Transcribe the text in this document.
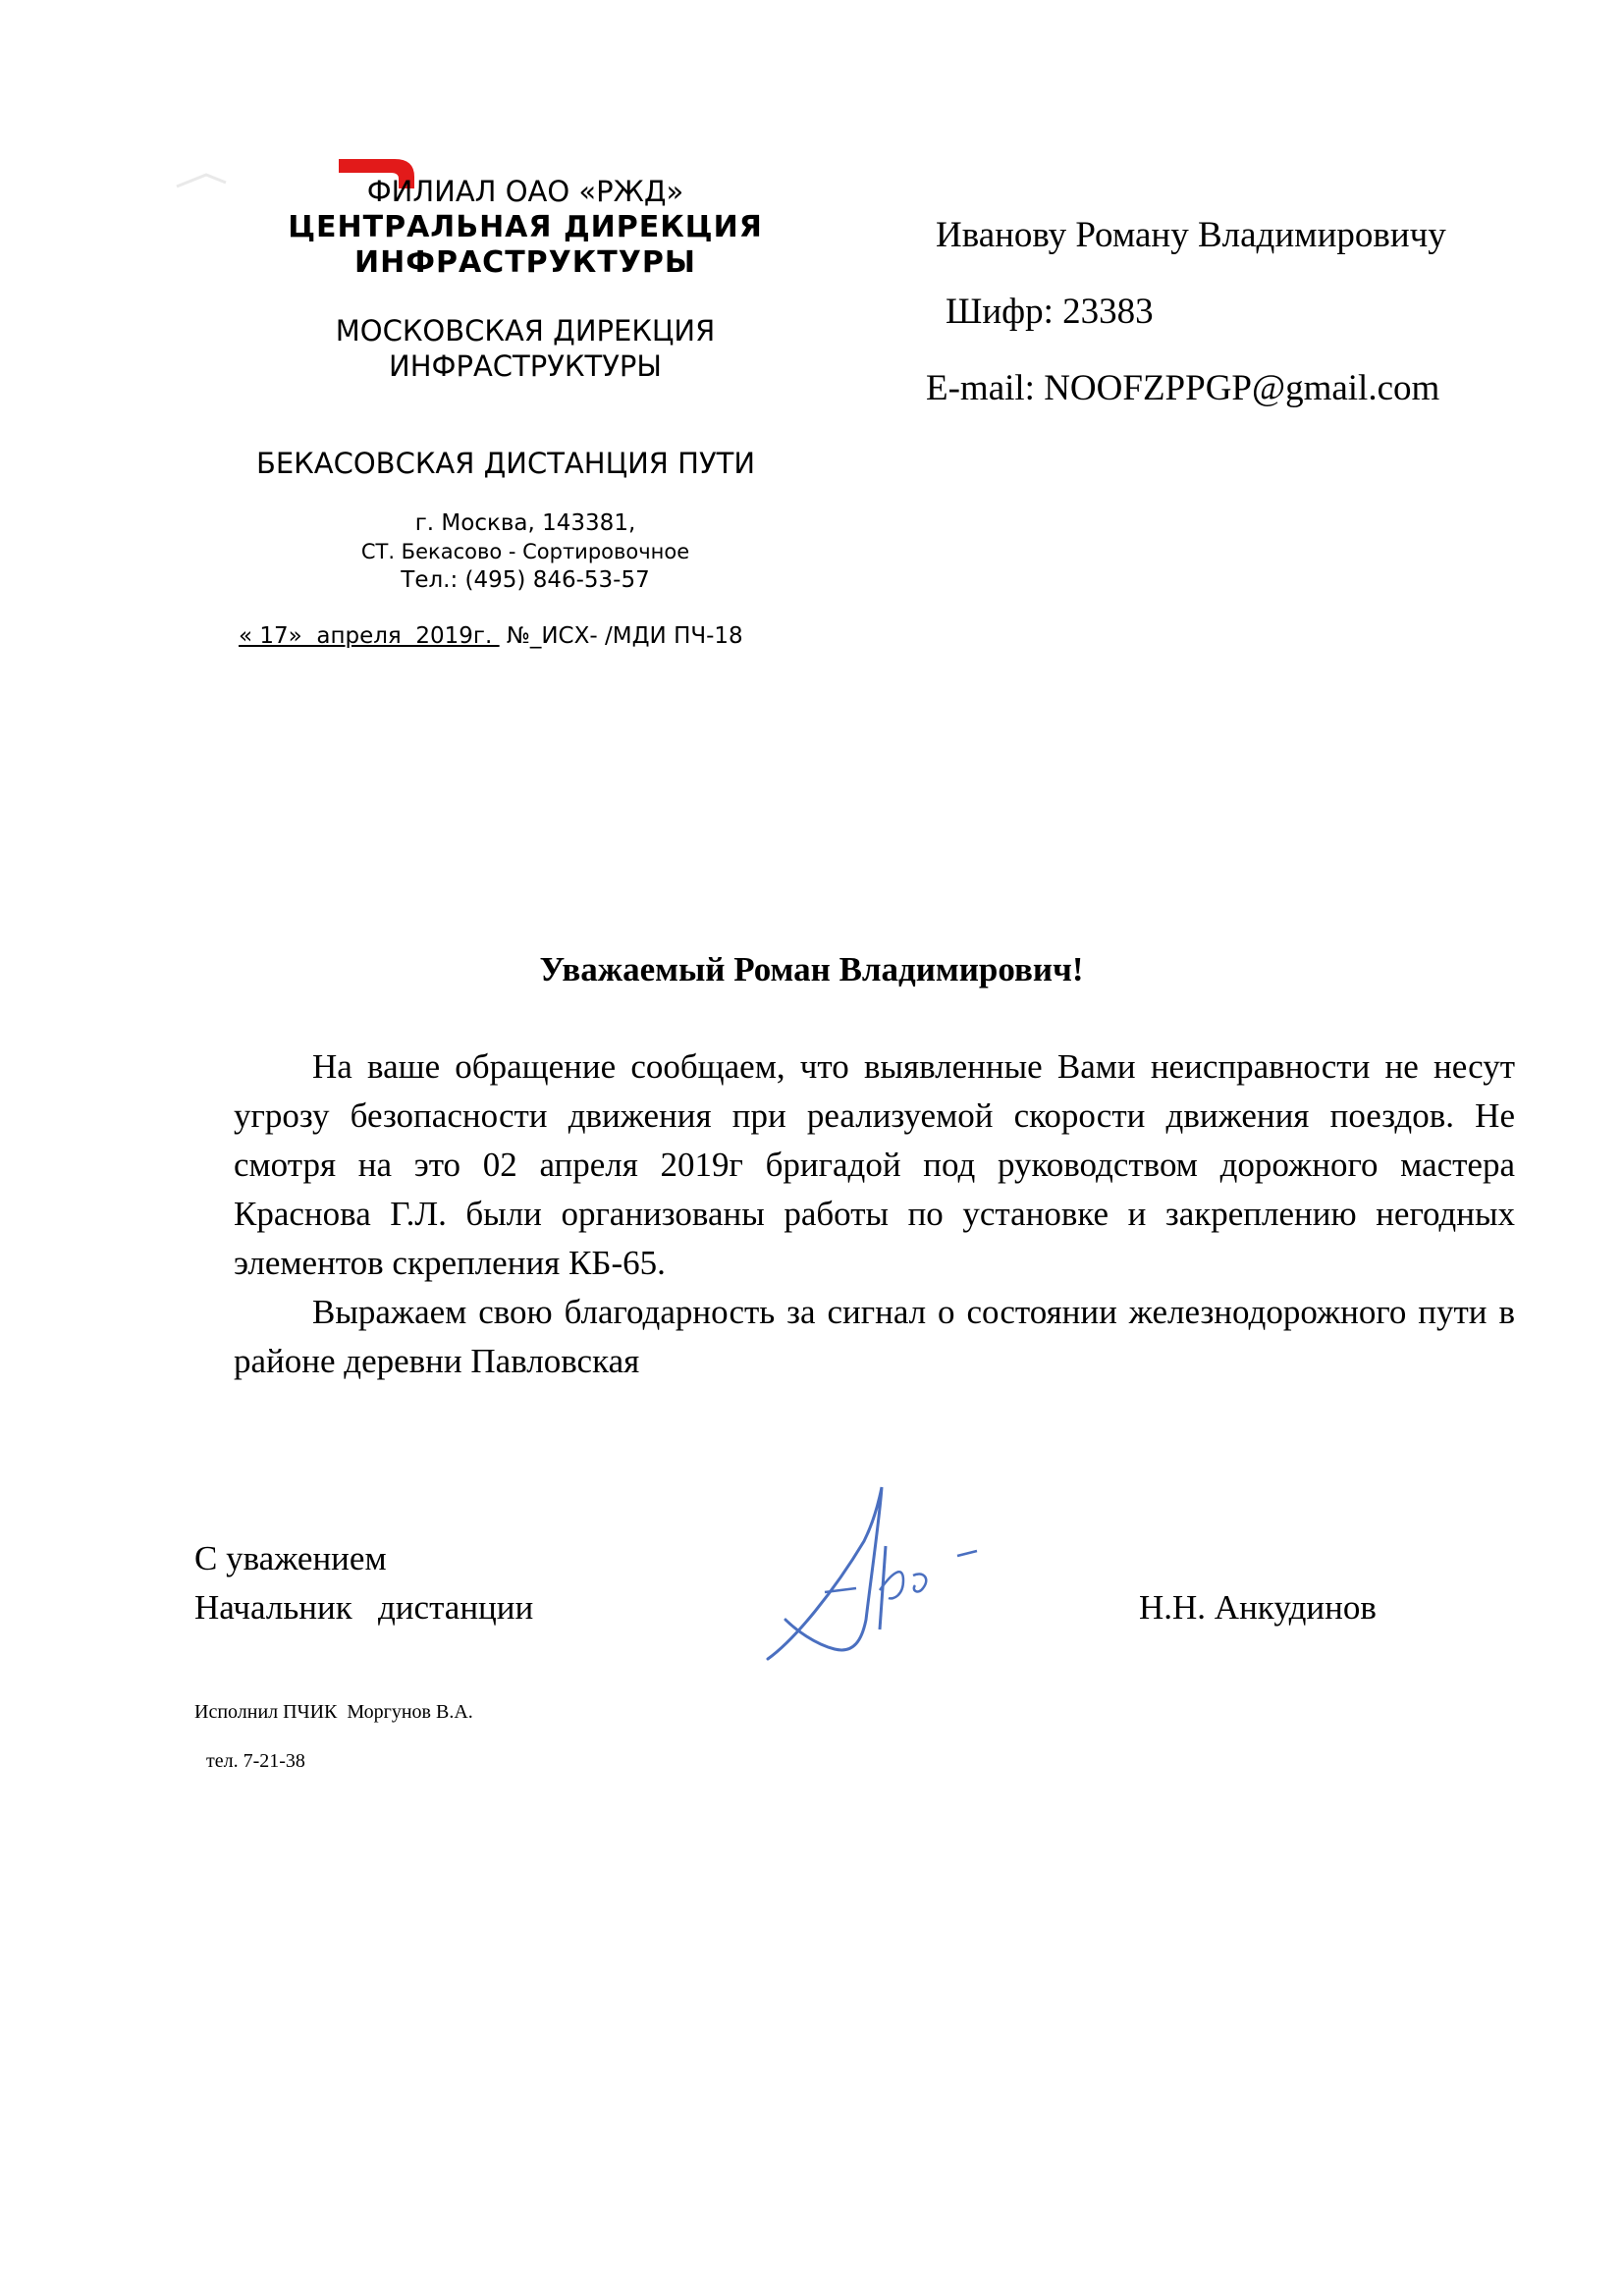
ФИЛИАЛ ОАО «РЖД»
ЦЕНТРАЛЬНАЯ ДИРЕКЦИЯ
ИНФРАСТРУКТУРЫ
МОСКОВСКАЯ ДИРЕКЦИЯ
ИНФРАСТРУКТУРЫ
БЕКАСОВСКАЯ ДИСТАНЦИЯ ПУТИ
г. Москва, 143381,
СТ. Бекасово - Сортировочное
Тел.: (495) 846-53-57
« 17»  апреля  2019г.  №_ИСХ- /МДИ ПЧ-18
Иванову Роману Владимировичу
Шифр: 23383
E-mail: NOOFZPPGP@gmail.com
Уважаемый Роман Владимирович!

На ваше обращение сообщаем, что выявленные Вами неисправности не несут угрозу безопасности движения при реализуемой скорости движения поездов. Не смотря на это 02 апреля 2019г бригадой под руководством дорожного мастера Краснова Г.Л. были организованы работы по установке и закреплению негодных элементов скрепления КБ-65.

Выражаем свою благодарность за сигнал о состоянии железнодорожного пути в районе деревни Павловская

С уважением
Начальник   дистанции	Н.Н. Анкудинов
Исполнил ПЧИК  Моргунов В.А.
тел. 7-21-38
